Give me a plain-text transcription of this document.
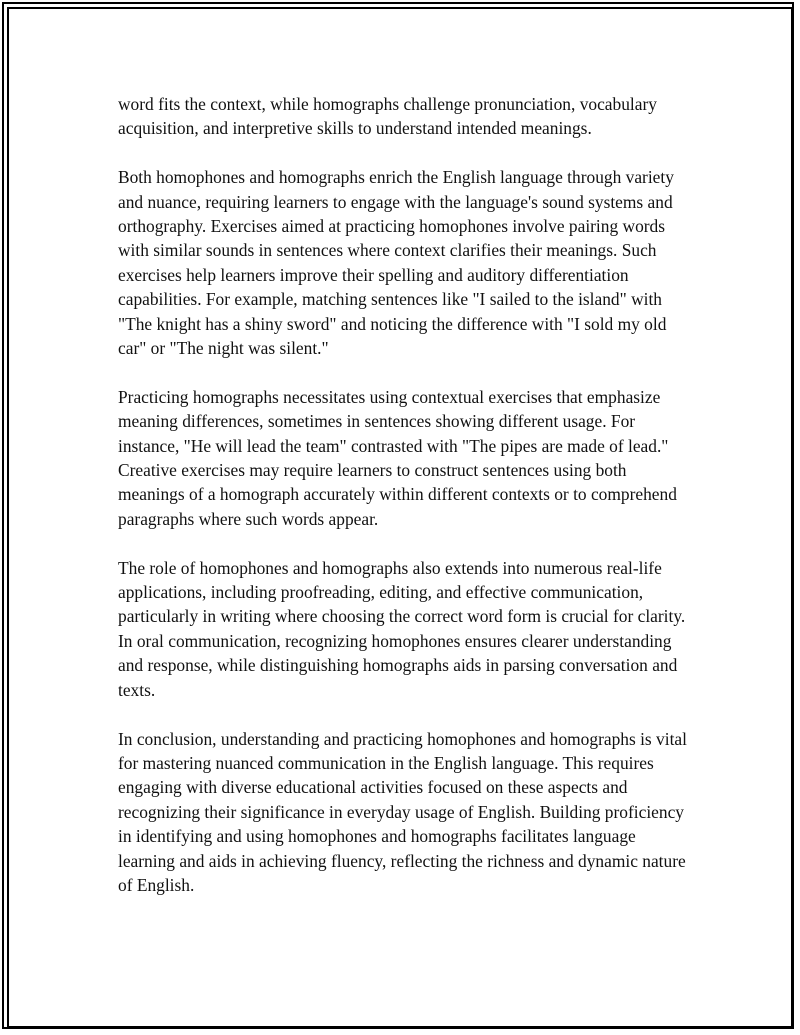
word fits the context, while homographs challenge pronunciation, vocabulary acquisition, and interpretive skills to understand intended meanings.

Both homophones and homographs enrich the English language through variety and nuance, requiring learners to engage with the language's sound systems and orthography. Exercises aimed at practicing homophones involve pairing words with similar sounds in sentences where context clarifies their meanings. Such exercises help learners improve their spelling and auditory differentiation capabilities. For example, matching sentences like "I sailed to the island" with "The knight has a shiny sword" and noticing the difference with "I sold my old car" or "The night was silent."

Practicing homographs necessitates using contextual exercises that emphasize meaning differences, sometimes in sentences showing different usage. For instance, "He will lead the team" contrasted with "The pipes are made of lead." Creative exercises may require learners to construct sentences using both meanings of a homograph accurately within different contexts or to comprehend paragraphs where such words appear.

The role of homophones and homographs also extends into numerous real-life applications, including proofreading, editing, and effective communication, particularly in writing where choosing the correct word form is crucial for clarity. In oral communication, recognizing homophones ensures clearer understanding and response, while distinguishing homographs aids in parsing conversation and texts.

In conclusion, understanding and practicing homophones and homographs is vital for mastering nuanced communication in the English language. This requires engaging with diverse educational activities focused on these aspects and recognizing their significance in everyday usage of English. Building proficiency in identifying and using homophones and homographs facilitates language learning and aids in achieving fluency, reflecting the richness and dynamic nature of English.
